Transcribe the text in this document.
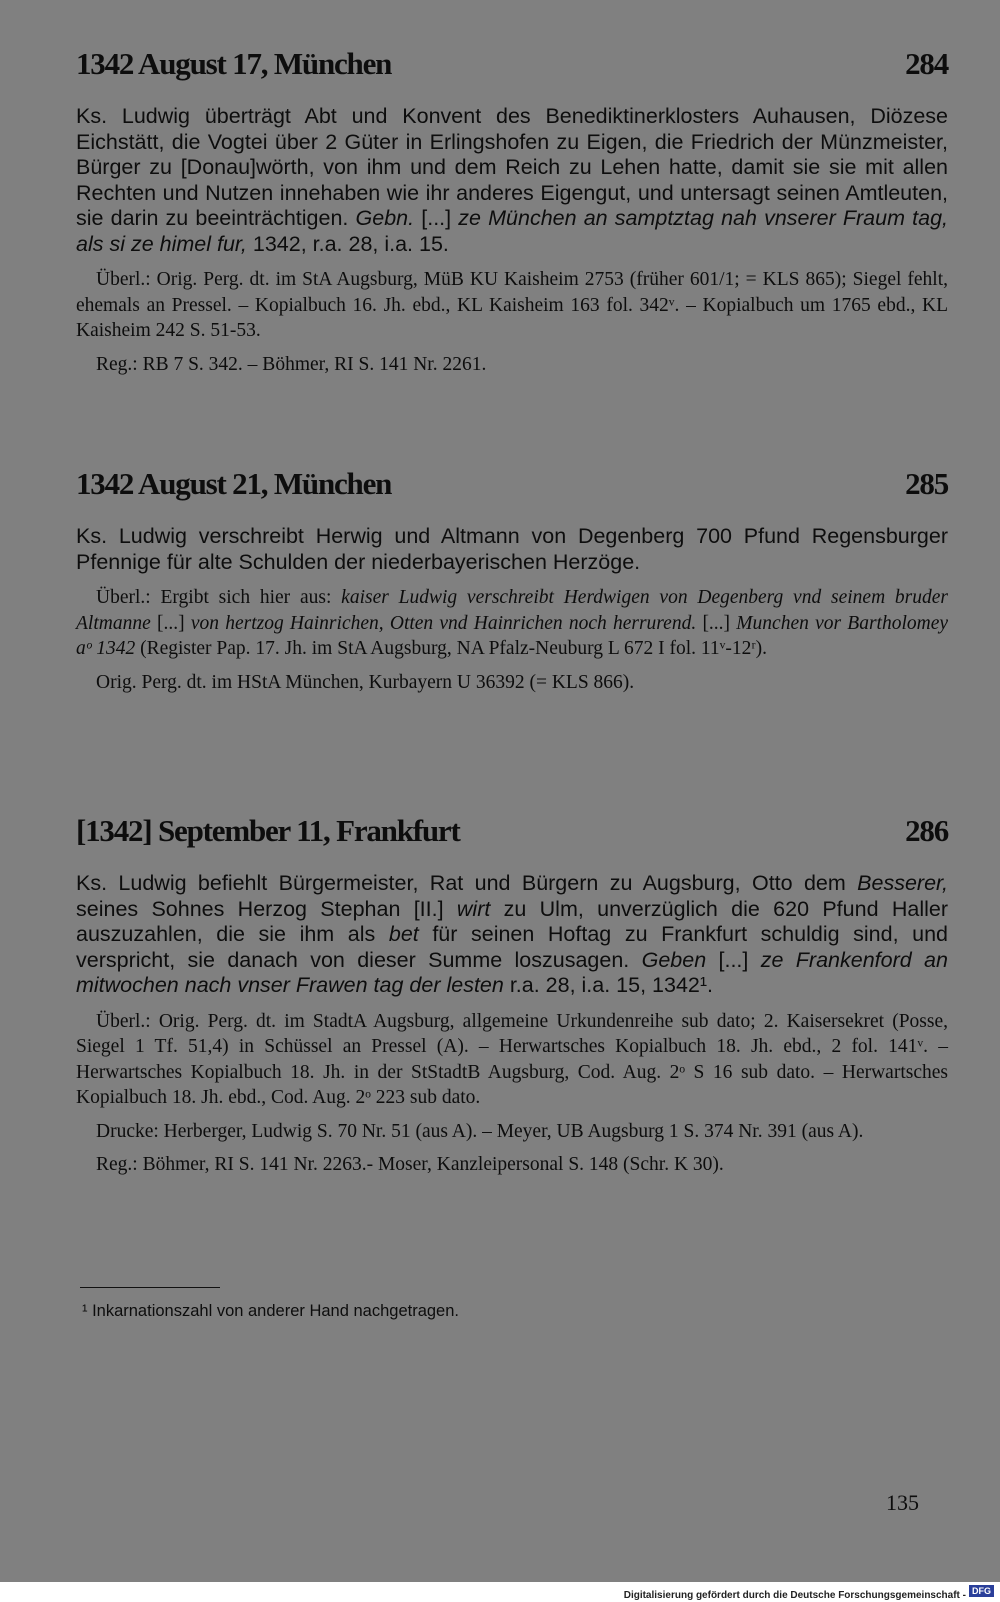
1342 August 17, München	284
Ks. Ludwig überträgt Abt und Konvent des Benediktinerklosters Auhausen, Diözese Eichstätt, die Vogtei über 2 Güter in Erlingshofen zu Eigen, die Friedrich der Münzmeister, Bürger zu [Donau]wörth, von ihm und dem Reich zu Lehen hatte, damit sie sie mit allen Rechten und Nutzen innehaben wie ihr anderes Eigengut, und untersagt seinen Amtleuten, sie darin zu beeinträchtigen. Gebn. [...] ze München an samptztag nah vnserer Fraum tag, als si ze himel fur, 1342, r.a. 28, i.a. 15.
Überl.: Orig. Perg. dt. im StA Augsburg, MüB KU Kaisheim 2753 (früher 601/1; = KLS 865); Siegel fehlt, ehemals an Pressel. – Kopialbuch 16. Jh. ebd., KL Kaisheim 163 fol. 342ᵛ. – Kopialbuch um 1765 ebd., KL Kaisheim 242 S. 51-53.
Reg.: RB 7 S. 342. – Böhmer, RI S. 141 Nr. 2261.
1342 August 21, München	285
Ks. Ludwig verschreibt Herwig und Altmann von Degenberg 700 Pfund Regensburger Pfennige für alte Schulden der niederbayerischen Herzöge.
Überl.: Ergibt sich hier aus: kaiser Ludwig verschreibt Herdwigen von Degenberg vnd seinem bruder Altmanne [...] von hertzog Hainrichen, Otten vnd Hainrichen noch herrurend. [...] Munchen vor Bartholomey aᵒ 1342 (Register Pap. 17. Jh. im StA Augsburg, NA Pfalz-Neuburg L 672 I fol. 11ᵛ-12ʳ).
Orig. Perg. dt. im HStA München, Kurbayern U 36392 (= KLS 866).
[1342] September 11, Frankfurt	286
Ks. Ludwig befiehlt Bürgermeister, Rat und Bürgern zu Augsburg, Otto dem Besserer, seines Sohnes Herzog Stephan [II.] wirt zu Ulm, unverzüglich die 620 Pfund Haller auszuzahlen, die sie ihm als bet für seinen Hoftag zu Frankfurt schuldig sind, und verspricht, sie danach von dieser Summe loszusagen. Geben [...] ze Frankenford an mitwochen nach vnser Frawen tag der lesten r.a. 28, i.a. 15, 1342¹.
Überl.: Orig. Perg. dt. im StadtA Augsburg, allgemeine Urkundenreihe sub dato; 2. Kaisersekret (Posse, Siegel 1 Tf. 51,4) in Schüssel an Pressel (A). – Herwartsches Kopialbuch 18. Jh. ebd., 2 fol. 141ᵛ. – Herwartsches Kopialbuch 18. Jh. in der StStadtB Augsburg, Cod. Aug. 2ᵒ S 16 sub dato. – Herwartsches Kopialbuch 18. Jh. ebd., Cod. Aug. 2ᵒ 223 sub dato.
Drucke: Herberger, Ludwig S. 70 Nr. 51 (aus A). – Meyer, UB Augsburg 1 S. 374 Nr. 391 (aus A).
Reg.: Böhmer, RI S. 141 Nr. 2263.- Moser, Kanzleipersonal S. 148 (Schr. K 30).
¹ Inkarnationszahl von anderer Hand nachgetragen.
135
Digitalisierung gefördert durch die Deutsche Forschungsgemeinschaft - DFG
